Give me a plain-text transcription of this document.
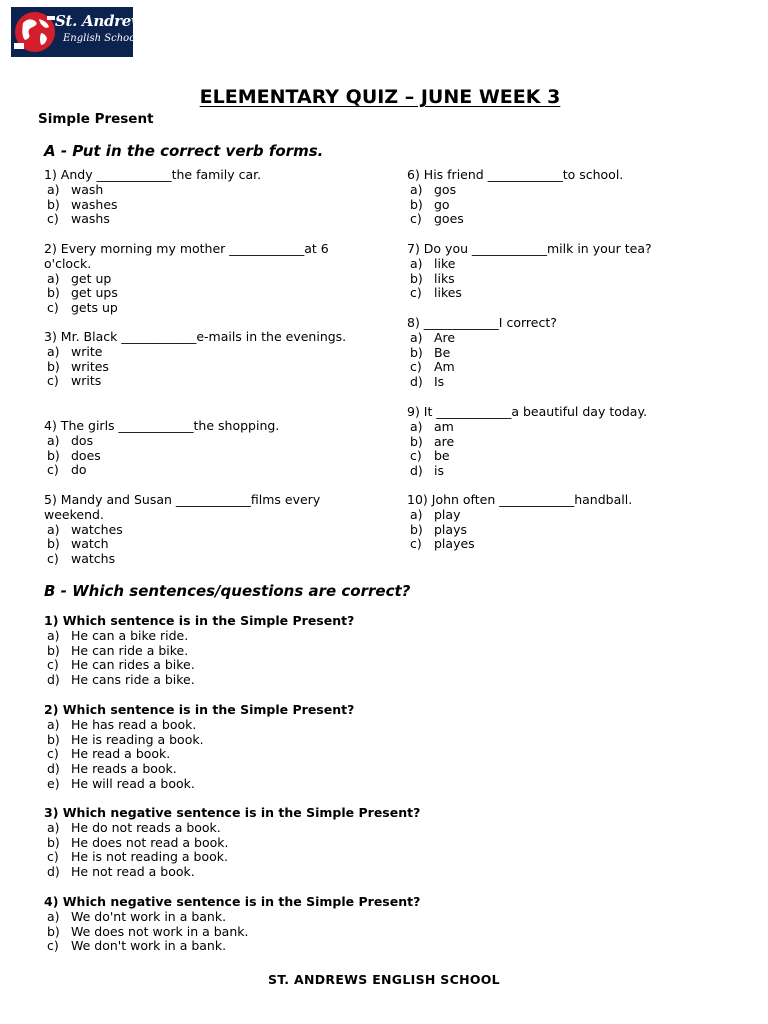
St. Andrews
English School
ELEMENTARY QUIZ – JUNE WEEK 3
Simple Present
A - Put in the correct verb forms.
1) Andy ____________the family car.
a) wash
b) washes
c) washs
2) Every morning my mother ____________at 6 o'clock.
a) get up
b) get ups
c) gets up
3) Mr. Black ____________e-mails in the evenings.
a) write
b) writes
c) writs
4) The girls ____________the shopping.
a) dos
b) does
c) do
5) Mandy and Susan ____________films every weekend.
a) watches
b) watch
c) watchs
6) His friend ____________to school.
a) gos
b) go
c) goes
7) Do you ____________milk in your tea?
a) like
b) liks
c) likes
8) ____________I correct?
a) Are
b) Be
c) Am
d) Is
9) It ____________a beautiful day today.
a) am
b) are
c) be
d) is
10) John often ____________handball.
a) play
b) plays
c) playes
B - Which sentences/questions are correct?
1) Which sentence is in the Simple Present?
a) He can a bike ride.
b) He can ride a bike.
c) He can rides a bike.
d) He cans ride a bike.
2) Which sentence is in the Simple Present?
a) He has read a book.
b) He is reading a book.
c) He read a book.
d) He reads a book.
e) He will read a book.
3) Which negative sentence is in the Simple Present?
a) He do not reads a book.
b) He does not read a book.
c) He is not reading a book.
d) He not read a book.
4) Which negative sentence is in the Simple Present?
a) We do'nt work in a bank.
b) We does not work in a bank.
c) We don't work in a bank.
ST. ANDREWS ENGLISH SCHOOL
